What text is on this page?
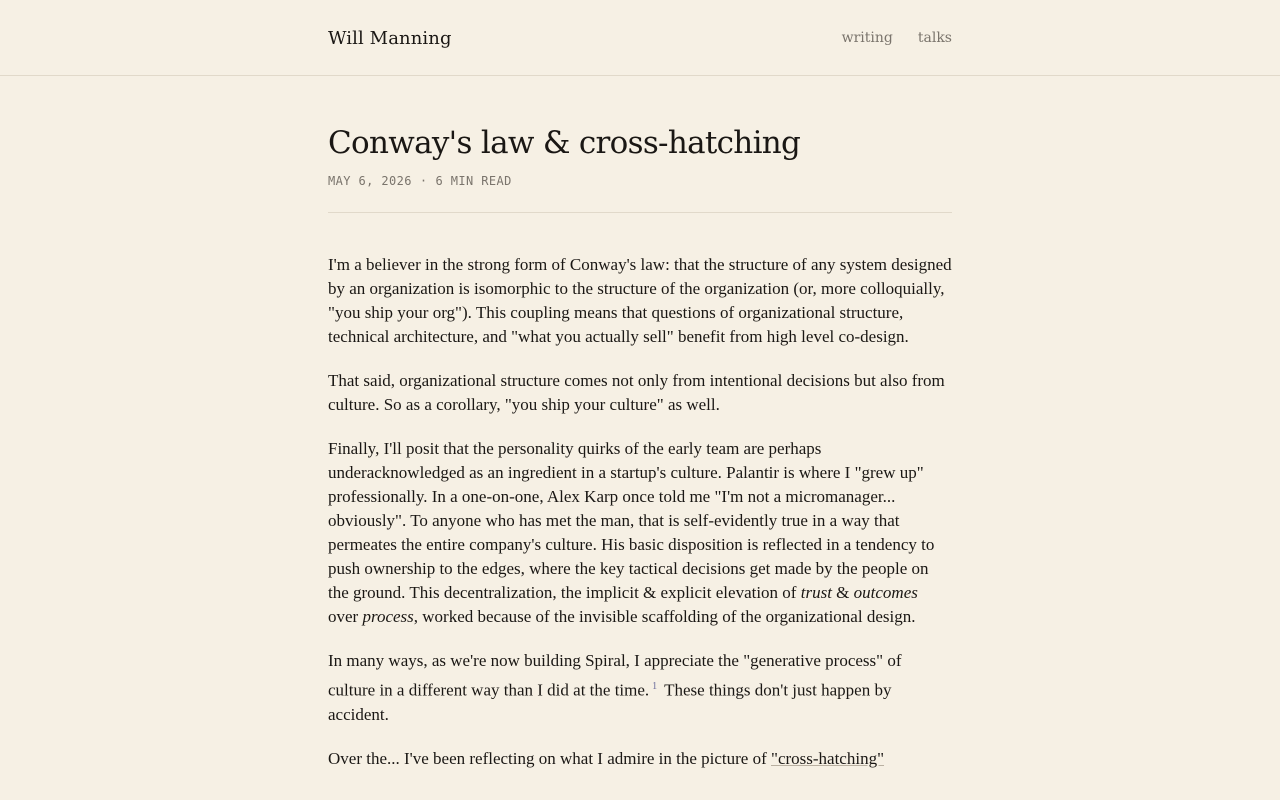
Will Manning	writing talks
Conway's law & cross-hatching
MAY 6, 2026 · 6 MIN READ

I'm a believer in the strong form of Conway's law: that the structure of any system designed by an organization is isomorphic to the structure of the organization (or, more colloquially, "you ship your org"). This coupling means that questions of organizational structure, technical architecture, and "what you actually sell" benefit from high level co-design.

That said, organizational structure comes not only from intentional decisions but also from culture. So as a corollary, "you ship your culture" as well.

Finally, I'll posit that the personality quirks of the early team are perhaps underacknowledged as an ingredient in a startup's culture. Palantir is where I "grew up" professionally. In a one-on-one, Alex Karp once told me "I'm not a micromanager... obviously". To anyone who has met the man, that is self-evidently true in a way that permeates the entire company's culture. His basic disposition is reflected in a tendency to push ownership to the edges, where the key tactical decisions get made by the people on the ground. This decentralization, the implicit & explicit elevation of trust & outcomes over process, worked because of the invisible scaffolding of the organizational design.

In many ways, as we're now building Spiral, I appreciate the "generative process" of culture in a different way than I did at the time. $^1$ These things don't just happen by accident.

Over the... I've been reflecting on what I admire in the picture of "cross-hatching"
